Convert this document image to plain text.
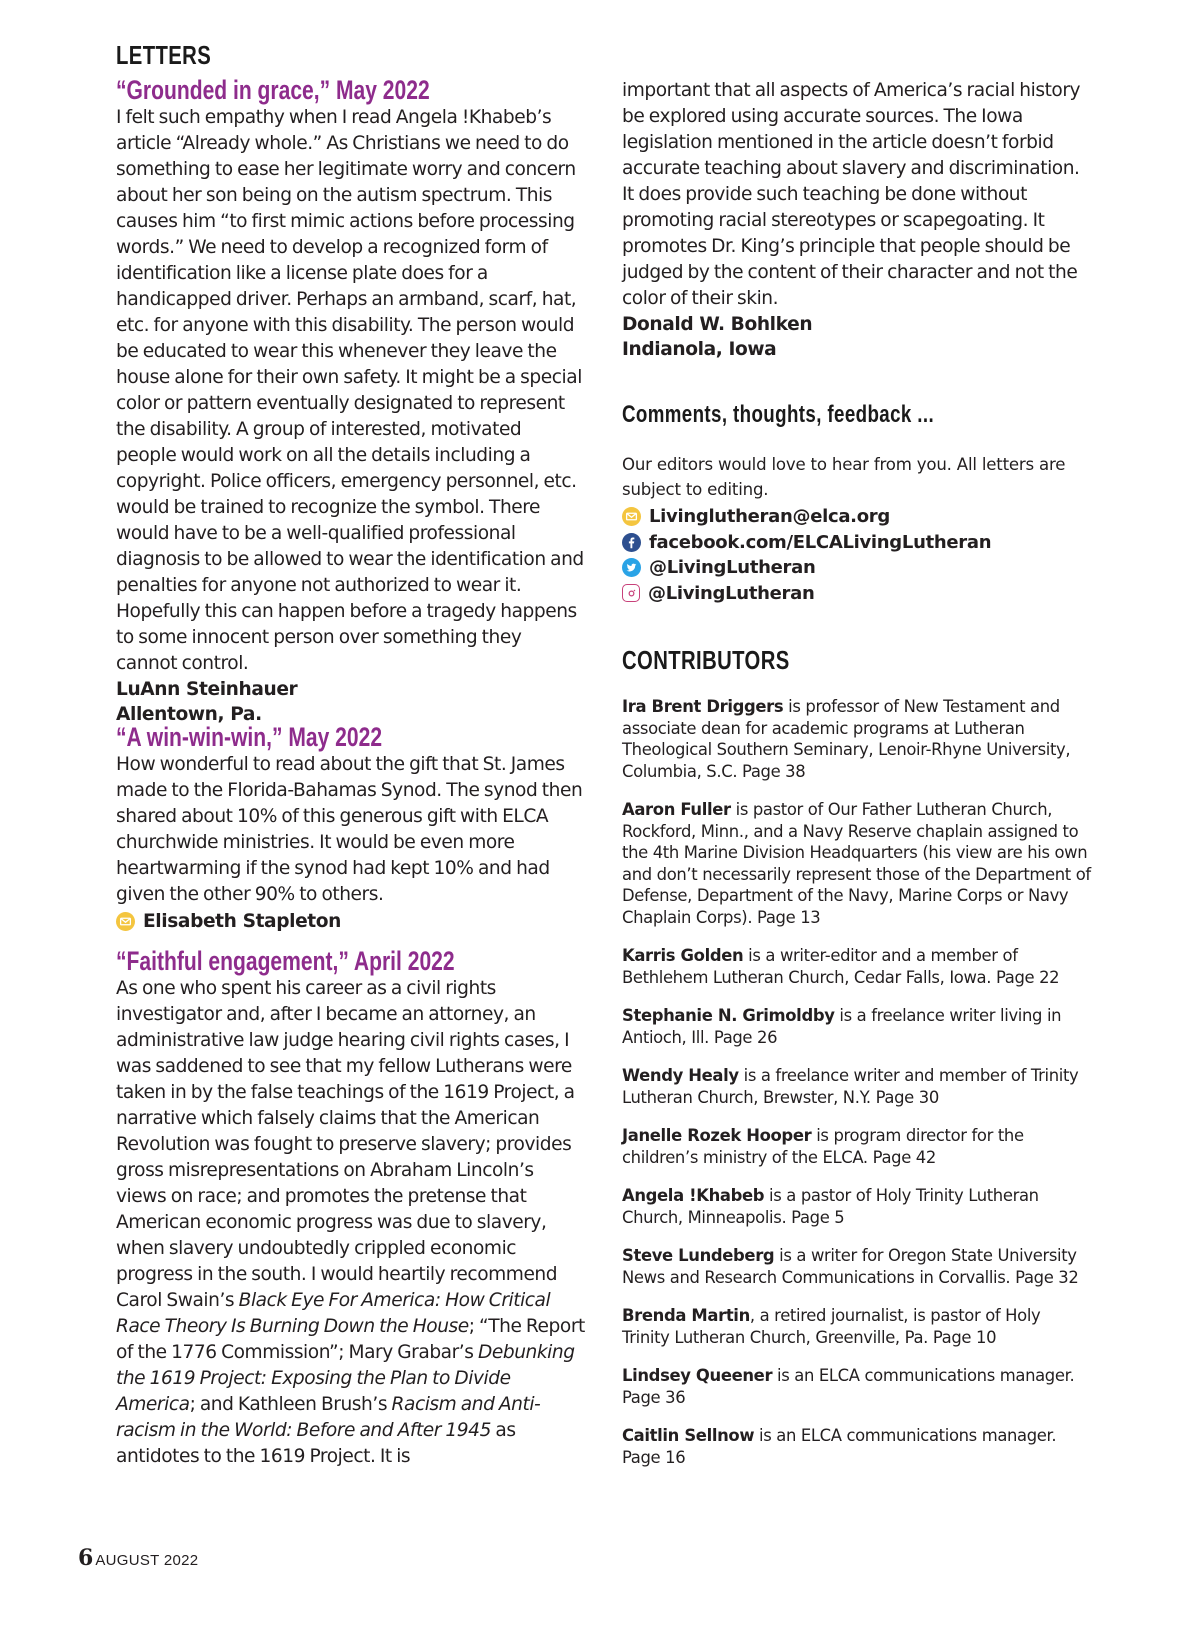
LETTERS
“Grounded in grace,” May 2022

I felt such empathy when I read Angela !Khabeb’s article “Already whole.” As Christians we need to do something to ease her legitimate worry and concern about her son being on the autism spectrum. This causes him “to first mimic actions before processing words.” We need to develop a recognized form of identification like a license plate does for a handicapped driver. Perhaps an armband, scarf, hat, etc. for anyone with this disability. The person would be educated to wear this whenever they leave the house alone for their own safety. It might be a special color or pattern eventually designated to represent the disability. A group of interested, motivated people would work on all the details including a copyright. Police officers, emergency personnel, etc. would be trained to recognize the symbol. There would have to be a well-qualified professional diagnosis to be allowed to wear the identification and penalties for anyone not authorized to wear it. Hopefully this can happen before a tragedy happens to some innocent person over something they cannot control.

LuAnn Steinhauer

Allentown, Pa.

“A win-win-win,” May 2022

How wonderful to read about the gift that St. James made to the Florida-Bahamas Synod. The synod then shared about 10% of this generous gift with ELCA churchwide ministries. It would be even more heartwarming if the synod had kept 10% and had given the other 90% to others.

Elisabeth Stapleton
“Faithful engagement,” April 2022

As one who spent his career as a civil rights investigator and, after I became an attorney, an administrative law judge hearing civil rights cases, I was saddened to see that my fellow Lutherans were taken in by the false teachings of the 1619 Project, a narrative which falsely claims that the American Revolution was fought to preserve slavery; provides gross misrepresentations on Abraham Lincoln’s views on race; and promotes the pretense that American economic progress was due to slavery, when slavery undoubtedly crippled economic progress in the south. I would heartily recommend Carol Swain’s Black Eye For America: How Critical Race Theory Is Burning Down the House; “The Report of the 1776 Commission”; Mary Grabar’s Debunking the 1619 Project: Exposing the Plan to Divide America; and Kathleen Brush’s Racism and Anti-racism in the World: Before and After 1945 as antidotes to the 1619 Project. It is

important that all aspects of America’s racial history be explored using accurate sources. The Iowa legislation mentioned in the article doesn’t forbid accurate teaching about slavery and discrimination. It does provide such teaching be done without promoting racial stereotypes or scapegoating. It promotes Dr. King’s principle that people should be judged by the content of their character and not the color of their skin.

Donald W. Bohlken

Indianola, Iowa

Comments, thoughts, feedback ...

Our editors would love to hear from you. All letters are subject to editing.

Livinglutheran@elca.org
facebook.com/ELCALivingLutheran
@LivingLutheran
@LivingLutheran
CONTRIBUTORS

Ira Brent Driggers is professor of New Testament and associate dean for academic programs at Lutheran Theological Southern Seminary, Lenoir-Rhyne University, Columbia, S.C. Page 38

Aaron Fuller is pastor of Our Father Lutheran Church, Rockford, Minn., and a Navy Reserve chaplain assigned to the 4th Marine Division Headquarters (his view are his own and don’t necessarily represent those of the Department of Defense, Department of the Navy, Marine Corps or Navy Chaplain Corps). Page 13

Karris Golden is a writer-editor and a member of Bethlehem Lutheran Church, Cedar Falls, Iowa. Page 22

Stephanie N. Grimoldby is a freelance writer living in Antioch, Ill. Page 26

Wendy Healy is a freelance writer and member of Trinity Lutheran Church, Brewster, N.Y. Page 30

Janelle Rozek Hooper is program director for the children’s ministry of the ELCA. Page 42

Angela !Khabeb is a pastor of Holy Trinity Lutheran Church, Minneapolis. Page 5

Steve Lundeberg is a writer for Oregon State University News and Research Communications in Corvallis. Page 32

Brenda Martin, a retired journalist, is pastor of Holy Trinity Lutheran Church, Greenville, Pa. Page 10

Lindsey Queener is an ELCA communications manager. Page 36

Caitlin Sellnow is an ELCA communications manager. Page 16

6 AUGUST 2022
